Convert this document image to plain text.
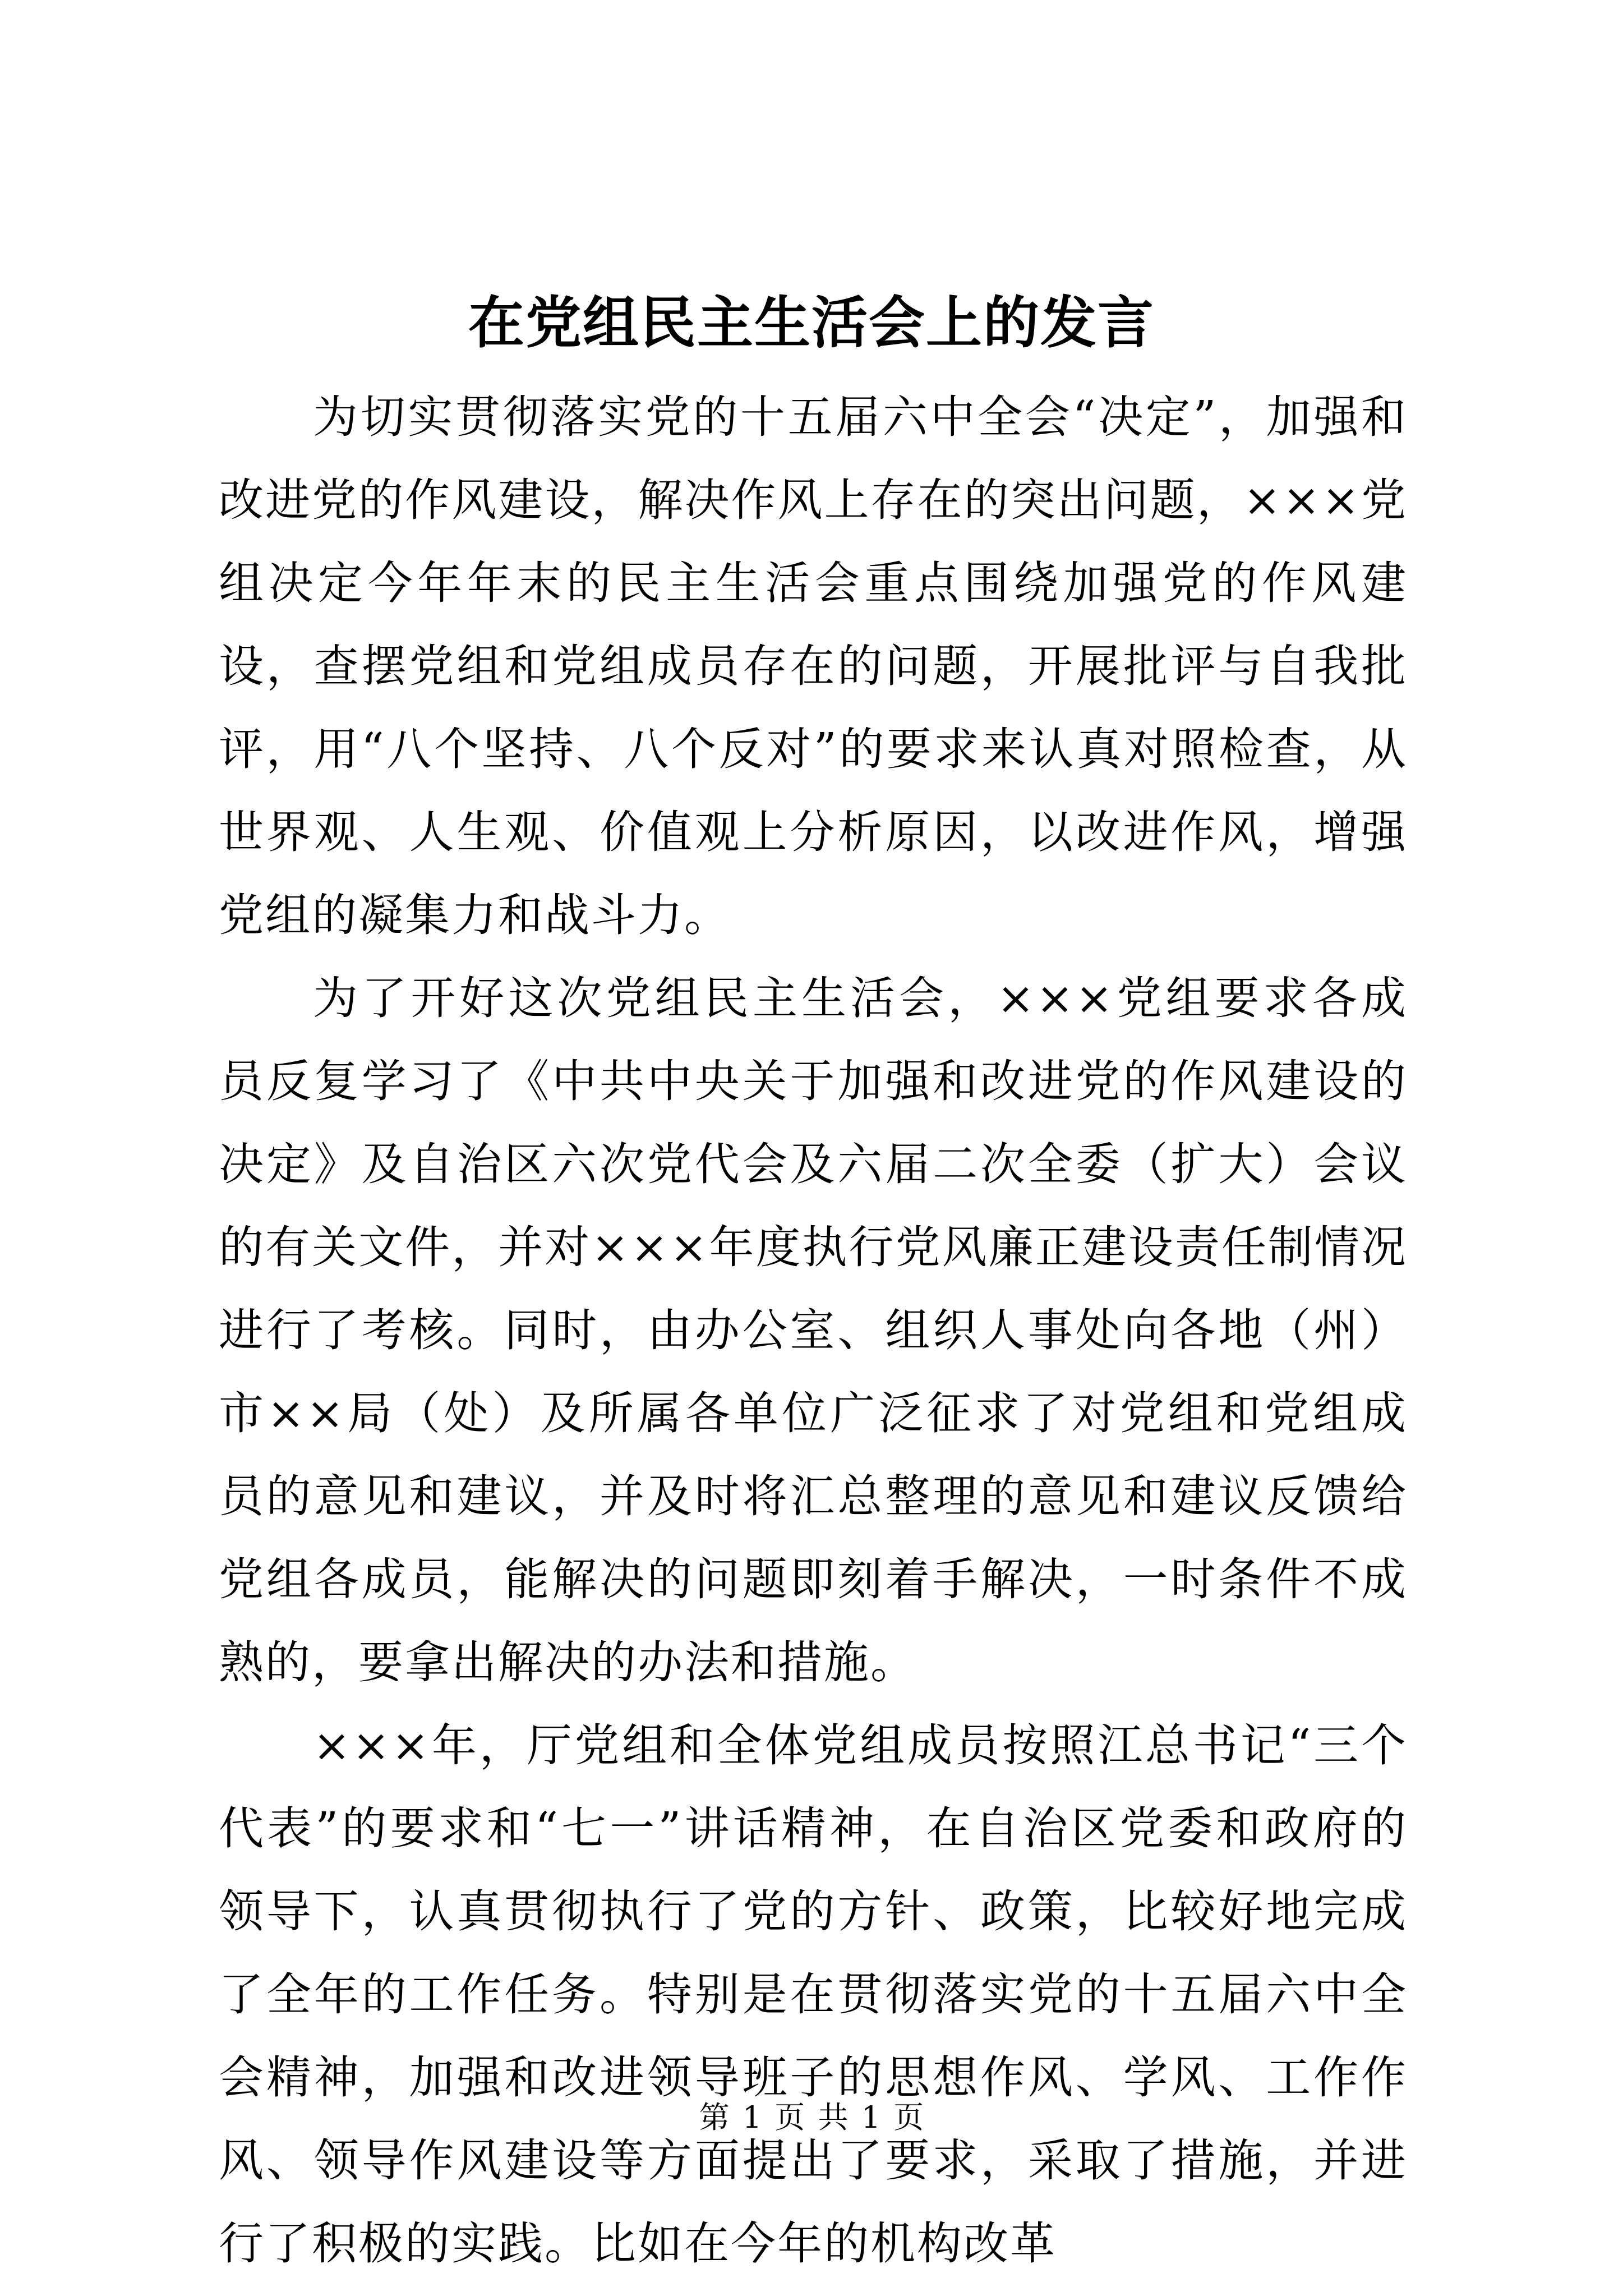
在党组民主生活会上的发言

为切实贯彻落实党的十五届六中全会“决定”，加强和改进党的作风建设，解决作风上存在的突出问题，×××党组决定今年年末的民主生活会重点围绕加强党的作风建设，查摆党组和党组成员存在的问题，开展批评与自我批评，用“八个坚持、八个反对”的要求来认真对照检查，从世界观、人生观、价值观上分析原因，以改进作风，增强党组的凝集力和战斗力。

为了开好这次党组民主生活会，×××党组要求各成员反复学习了《中共中央关于加强和改进党的作风建设的决定》及自治区六次党代会及六届二次全委（扩大）会议的有关文件，并对×××年度执行党风廉正建设责任制情况进行了考核。同时，由办公室、组织人事处向各地（州）市××局（处）及所属各单位广泛征求了对党组和党组成员的意见和建议，并及时将汇总整理的意见和建议反馈给党组各成员，能解决的问题即刻着手解决，一时条件不成熟的，要拿出解决的办法和措施。

×××年，厅党组和全体党组成员按照江总书记“三个代表”的要求和“七一”讲话精神，在自治区党委和政府的领导下，认真贯彻执行了党的方针、政策，比较好地完成了全年的工作任务。特别是在贯彻落实党的十五届六中全会精神，加强和改进领导班子的思想作风、学风、工作作风、领导作风建设等方面提出了要求，采取了措施，并进行了积极的实践。比如在今年的机构改革

第 1 页 共 1 页
